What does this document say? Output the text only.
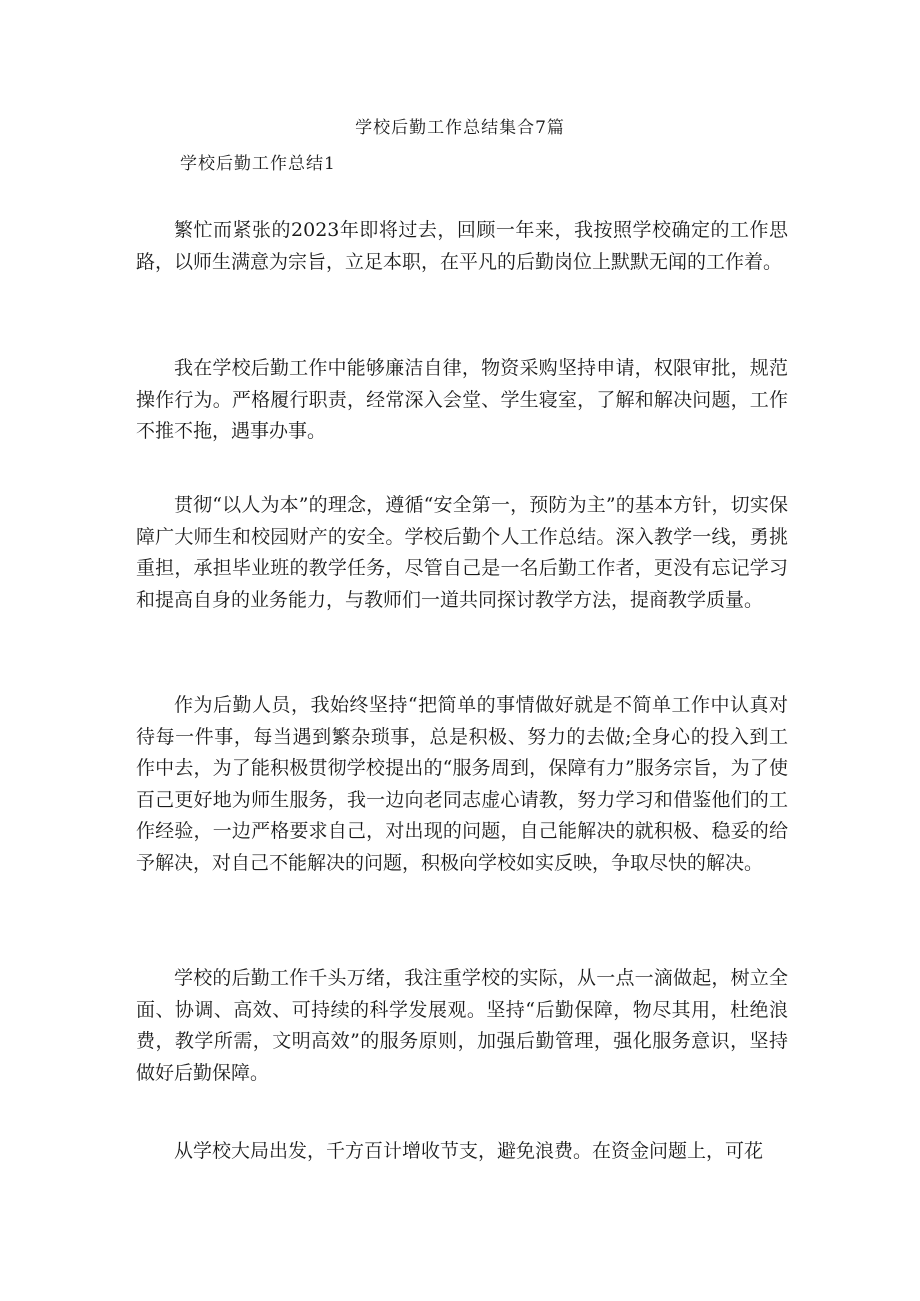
学校后勤工作总结集合7篇
学校后勤工作总结1

繁忙而紧张的2023年即将过去，回顾一年来，我按照学校确定的工作思路，以师生满意为宗旨，立足本职，在平凡的后勤岗位上默默无闻的工作着。

我在学校后勤工作中能够廉洁自律，物资采购坚持申请，权限审批，规范操作行为。严格履行职责，经常深入会堂、学生寝室，了解和解决问题，工作不推不拖，遇事办事。

贯彻“以人为本”的理念，遵循“安全第一，预防为主”的基本方针，切实保障广大师生和校园财产的安全。学校后勤个人工作总结。深入教学一线，勇挑重担，承担毕业班的教学任务，尽管自己是一名后勤工作者，更没有忘记学习和提高自身的业务能力，与教师们一道共同探讨教学方法，提商教学质量。

作为后勤人员，我始终坚持“把简单的事情做好就是不简单工作中认真对待每一件事，每当遇到繁杂琐事，总是积极、努力的去做;全身心的投入到工作中去，为了能积极贯彻学校提出的“服务周到，保障有力”服务宗旨，为了使百己更好地为师生服务，我一边向老同志虚心请教，努力学习和借鉴他们的工作经验，一边严格要求自己，对出现的问题，自己能解决的就积极、稳妥的给予解决，对自己不能解决的问题，积极向学校如实反映，争取尽快的解决。

学校的后勤工作千头万绪，我注重学校的实际，从一点一滴做起，树立全面、协调、高效、可持续的科学发展观。坚持“后勤保障，物尽其用，杜绝浪费，教学所需，文明高效”的服务原则，加强后勤管理，强化服务意识，坚持做好后勤保障。

从学校大局出发，千方百计增收节支，避免浪费。在资金问题上，可花
